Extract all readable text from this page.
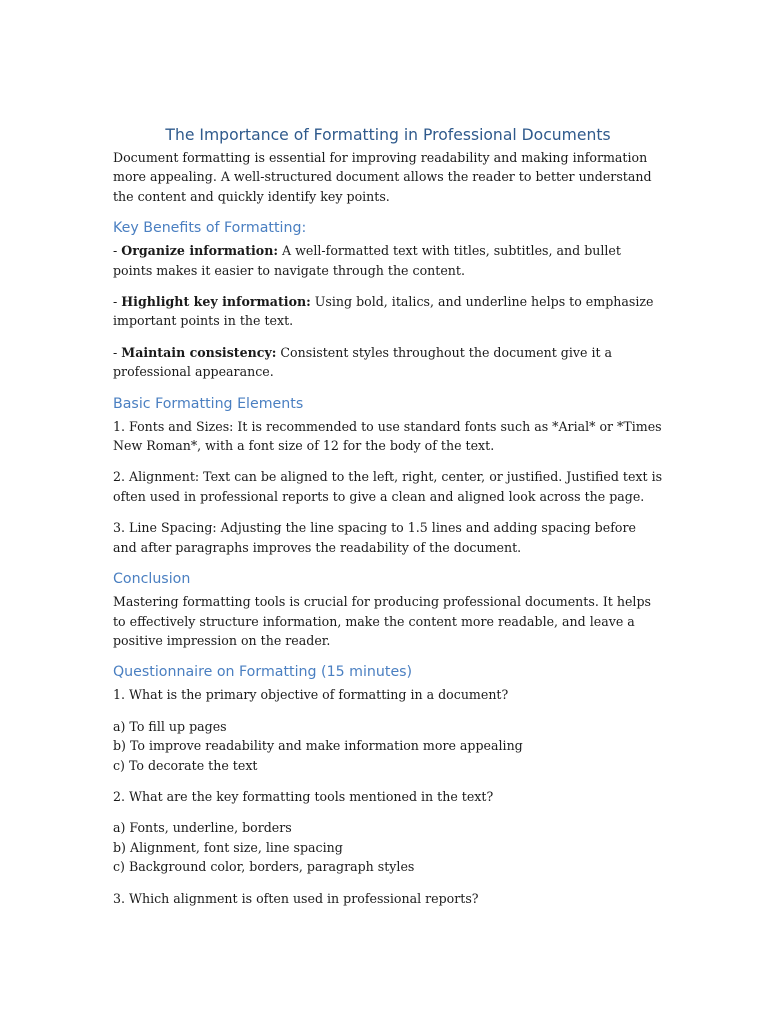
The Importance of Formatting in Professional Documents

Document formatting is essential for improving readability and making information more appealing. A well-structured document allows the reader to better understand the content and quickly identify key points.

Key Benefits of Formatting:

- Organize information: A well-formatted text with titles, subtitles, and bullet points makes it easier to navigate through the content.

- Highlight key information: Using bold, italics, and underline helps to emphasize important points in the text.

- Maintain consistency: Consistent styles throughout the document give it a professional appearance.

Basic Formatting Elements

1. Fonts and Sizes: It is recommended to use standard fonts such as *Arial* or *Times New Roman*, with a font size of 12 for the body of the text.

2. Alignment: Text can be aligned to the left, right, center, or justified. Justified text is often used in professional reports to give a clean and aligned look across the page.

3. Line Spacing: Adjusting the line spacing to 1.5 lines and adding spacing before and after paragraphs improves the readability of the document.

Conclusion

Mastering formatting tools is crucial for producing professional documents. It helps to effectively structure information, make the content more readable, and leave a positive impression on the reader.

Questionnaire on Formatting (15 minutes)

1. What is the primary objective of formatting in a document?

a) To fill up pages
b) To improve readability and make information more appealing
c) To decorate the text

2. What are the key formatting tools mentioned in the text?

a) Fonts, underline, borders
b) Alignment, font size, line spacing
c) Background color, borders, paragraph styles

3. Which alignment is often used in professional reports?
